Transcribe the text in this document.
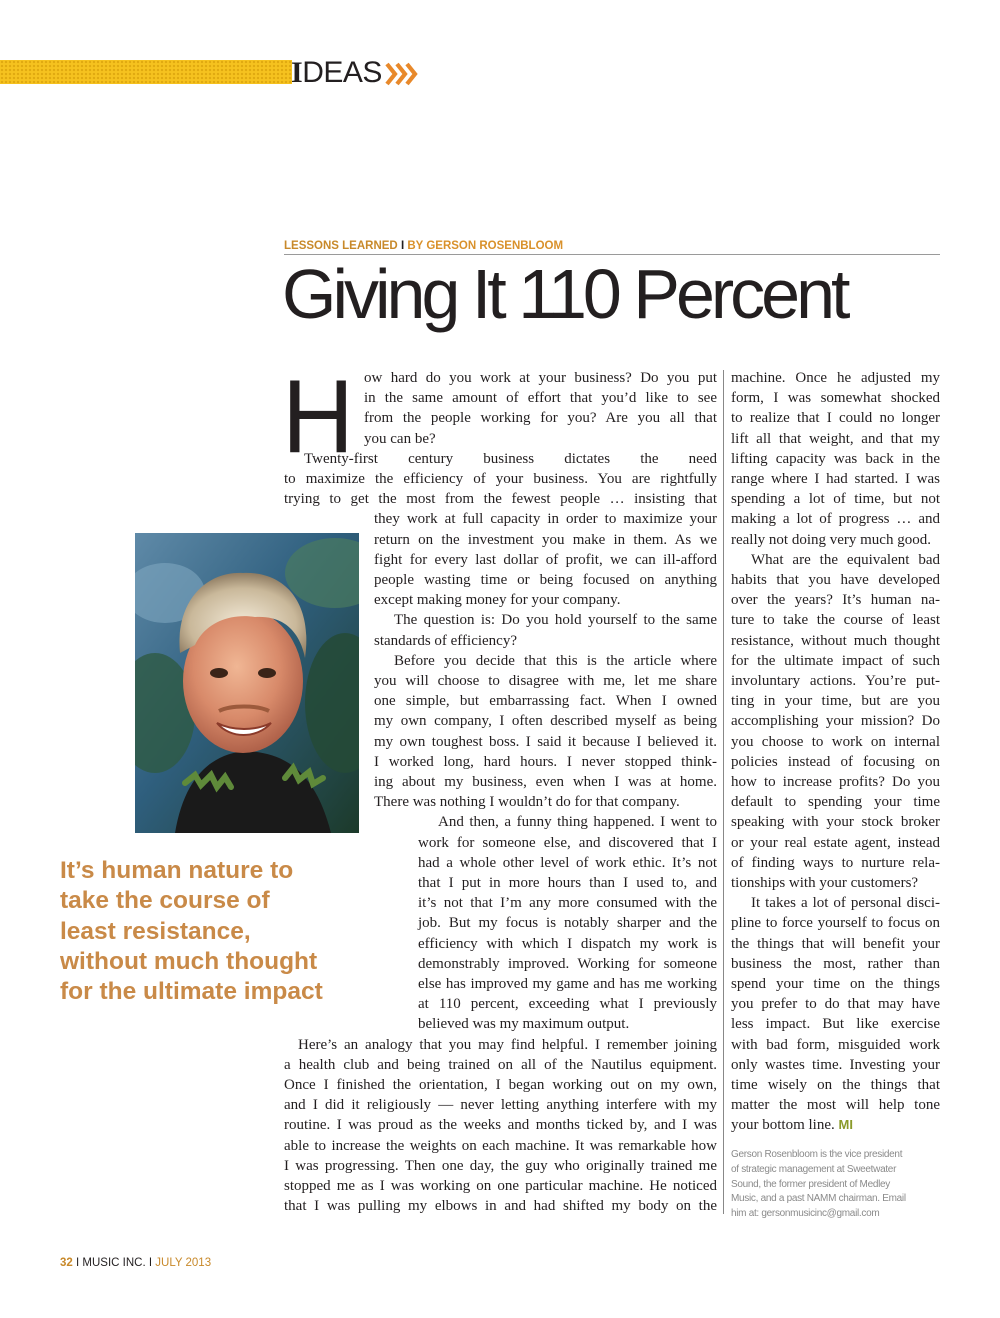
IDEAS
LESSONS LEARNED I BY GERSON ROSENBLOOM
Giving It 110 Percent
H ow hard do you work at your business? Do you put
in the same amount of effort that you’d like to see
from the people working for you? Are you all that
you can be?
Twenty-first century business dictates the need
to maximize the efficiency of your business. You are rightfully
trying to get the most from the fewest people … insisting that
they work at full capacity in order to maximize your
return on the investment you make in them. As we
fight for every last dollar of profit, we can ill-afford
people wasting time or being focused on anything
except making money for your company.
The question is: Do you hold yourself to the same
standards of efficiency?
Before you decide that this is the article where
you will choose to disagree with me, let me share
one simple, but embarrassing fact. When I owned
my own company, I often described myself as being
my own toughest boss. I said it because I believed it.
I worked long, hard hours. I never stopped think-
ing about my business, even when I was at home.
There was nothing I wouldn’t do for that company.
And then, a funny thing happened. I went to
work for someone else, and discovered that I
had a whole other level of work ethic. It’s not
that I put in more hours than I used to, and
it’s not that I’m any more consumed with the
job. But my focus is notably sharper and the
efficiency with which I dispatch my work is
demonstrably improved. Working for someone
else has improved my game and has me working
at 110 percent, exceeding what I previously
believed was my maximum output.
Here’s an analogy that you may find helpful. I remember joining
a health club and being trained on all of the Nautilus equipment.
Once I finished the orientation, I began working out on my own,
and I did it religiously — never letting anything interfere with my
routine. I was proud as the weeks and months ticked by, and I was
able to increase the weights on each machine. It was remarkable how
I was progressing. Then one day, the guy who originally trained me
stopped me as I was working on one particular machine. He noticed
that I was pulling my elbows in and had shifted my body on the
machine. Once he adjusted my
form, I was somewhat shocked
to realize that I could no longer
lift all that weight, and that my
lifting capacity was back in the
range where I had started. I was
spending a lot of time, but not
making a lot of progress … and
really not doing very much good.
What are the equivalent bad
habits that you have developed
over the years? It’s human na-
ture to take the course of least
resistance, without much thought
for the ultimate impact of such
involuntary actions. You’re put-
ting in your time, but are you
accomplishing your mission? Do
you choose to work on internal
policies instead of focusing on
how to increase profits? Do you
default to spending your time
speaking with your stock broker
or your real estate agent, instead
of finding ways to nurture rela-
tionships with your customers?
It takes a lot of personal disci-
pline to force yourself to focus on
the things that will benefit your
business the most, rather than
spend your time on the things
you prefer to do that may have
less impact. But like exercise
with bad form, misguided work
only wastes time. Investing your
time wisely on the things that
matter the most will help tone
your bottom line. MI
It’s human nature to
take the course of
least resistance,
without much thought
for the ultimate impact
Gerson Rosenbloom is the vice president
of strategic management at Sweetwater
Sound, the former president of Medley
Music, and a past NAMM chairman. Email
him at: gersonmusicinc@gmail.com
32 I MUSIC INC. I JULY 2013
